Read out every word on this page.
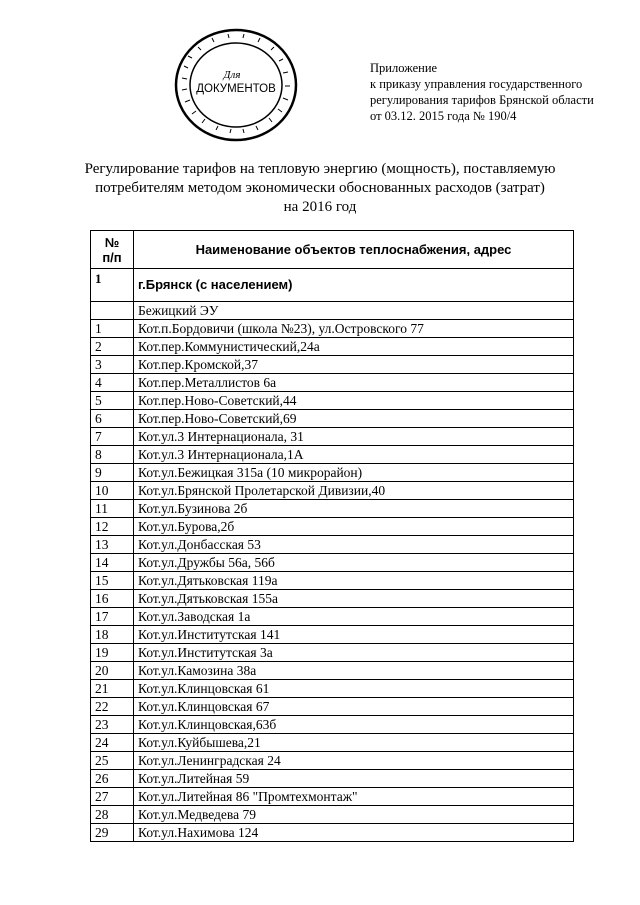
Для
ДОКУМЕНТОВ
Приложение
к приказу управления государственного
регулирования тарифов Брянской области
от 03.12. 2015 года № 190/4
Регулирование тарифов на тепловую энергию (мощность), поставляемую
потребителям методом экономически обоснованных расходов (затрат)
на 2016 год
№
п/п	Наименование объектов теплоснабжения, адрес
1	г.Брянск (с населением)
	Бежицкий ЭУ
1	Кот.п.Бордовичи (школа №23), ул.Островского 77
2	Кот.пер.Коммунистический,24а
3	Кот.пер.Кромской,37
4	Кот.пер.Металлистов 6а
5	Кот.пер.Ново-Советский,44
6	Кот.пер.Ново-Советский,69
7	Кот.ул.3 Интернационала, 31
8	Кот.ул.3 Интернационала,1А
9	Кот.ул.Бежицкая 315а (10 микрорайон)
10	Кот.ул.Брянской Пролетарской Дивизии,40
11	Кот.ул.Бузинова 2б
12	Кот.ул.Бурова,2б
13	Кот.ул.Донбасская 53
14	Кот.ул.Дружбы 56а, 56б
15	Кот.ул.Дятьковская 119а
16	Кот.ул.Дятьковская 155а
17	Кот.ул.Заводская 1а
18	Кот.ул.Институтская 141
19	Кот.ул.Институтская 3а
20	Кот.ул.Камозина 38а
21	Кот.ул.Клинцовская 61
22	Кот.ул.Клинцовская 67
23	Кот.ул.Клинцовская,63б
24	Кот.ул.Куйбышева,21
25	Кот.ул.Ленинградская 24
26	Кот.ул.Литейная 59
27	Кот.ул.Литейная 86 "Промтехмонтаж"
28	Кот.ул.Медведева 79
29	Кот.ул.Нахимова 124
